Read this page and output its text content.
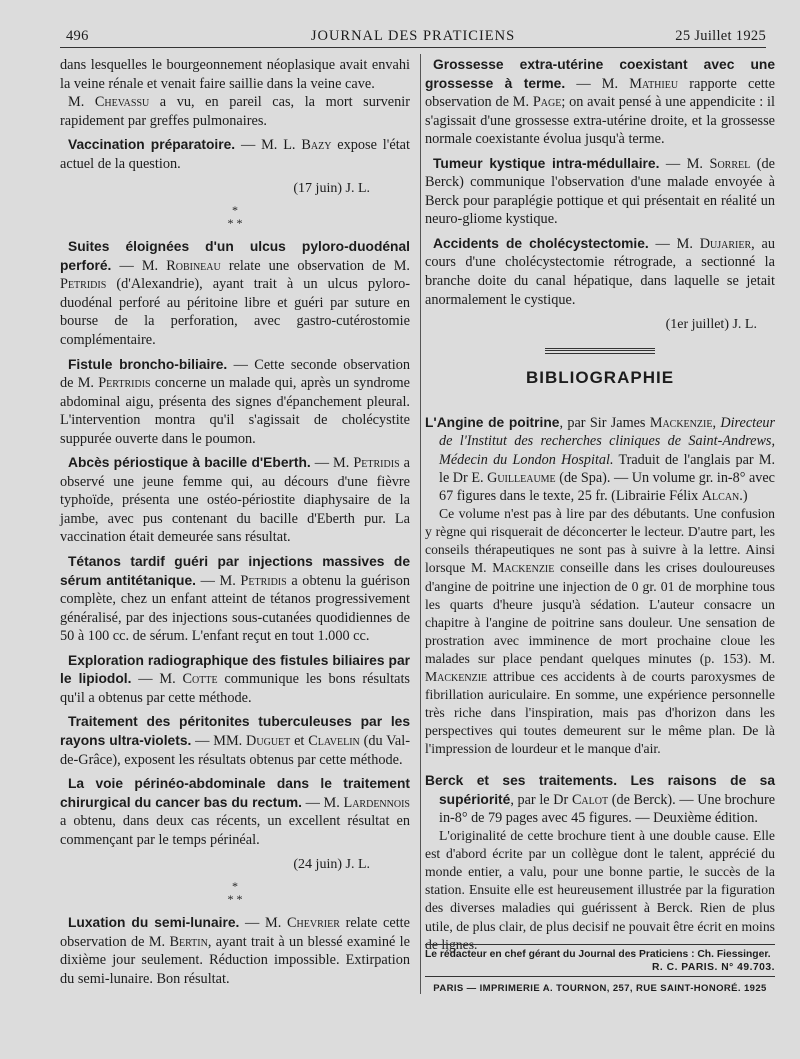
496	JOURNAL DES PRATICIENS	25 Juillet 1925

dans lesquelles le bourgeonnement néoplasique avait envahi la veine rénale et venait faire saillie dans la veine cave.

M. Chevassu a vu, en pareil cas, la mort survenir rapidement par greffes pulmonaires.

Vaccination préparatoire. — M. L. Bazy expose l'état actuel de la question.

(17 juin) J. L.
*
* *

Suites éloignées d'un ulcus pyloro-duodénal perforé. — M. Robineau relate une observation de M. Petridis (d'Alexandrie), ayant trait à un ulcus pyloro-duodénal perforé au péritoine libre et guéri par suture en bourse de la perforation, avec gastro-cutérostomie complémentaire.

Fistule broncho-biliaire. — Cette seconde observation de M. Pertridis concerne un malade qui, après un syndrome abdominal aigu, présenta des signes d'épanchement pleural. L'intervention montra qu'il s'agissait de cholécystite suppurée ouverte dans le poumon.

Abcès périostique à bacille d'Eberth. — M. Petridis a observé une jeune femme qui, au décours d'une fièvre typhoïde, présenta une ostéo-périostite diaphysaire de la jambe, avec pus contenant du bacille d'Eberth pur. La vaccination était demeurée sans résultat.

Tétanos tardif guéri par injections massives de sérum antitétanique. — M. Petridis a obtenu la guérison complète, chez un enfant atteint de tétanos progressivement généralisé, par des injections sous-cutanées quodidiennes de 50 à 100 cc. de sérum. L'enfant reçut en tout 1.000 cc.

Exploration radiographique des fistules biliaires par le lipiodol. — M. Cotte communique les bons résultats qu'il a obtenus par cette méthode.

Traitement des péritonites tuberculeuses par les rayons ultra-violets. — MM. Duguet et Clavelin (du Val-de-Grâce), exposent les résultats obtenus par cette méthode.

La voie périnéo-abdominale dans le traitement chirurgical du cancer bas du rectum. — M. Lardennois a obtenu, dans deux cas récents, un excellent résultat en commençant par le temps périnéal.

(24 juin) J. L.
*
* *

Luxation du semi-lunaire. — M. Chevrier relate cette observation de M. Bertin, ayant trait à un blessé examiné le dixième jour seulement. Réduction impossible. Extirpation du semi-lunaire. Bon résultat.

Grossesse extra-utérine coexistant avec une grossesse à terme. — M. Mathieu rapporte cette observation de M. Page; on avait pensé à une appendicite : il s'agissait d'une grossesse extra-utérine droite, et la grossesse normale coexistante évolua jusqu'à terme.

Tumeur kystique intra-médullaire. — M. Sorrel (de Berck) communique l'observation d'une malade envoyée à Berck pour paraplégie pottique et qui présentait en réalité un neuro-gliome kystique.

Accidents de cholécystectomie. — M. Dujarier, au cours d'une cholécystectomie rétrograde, a sectionné la branche doite du canal hépatique, dans laquelle se jetait anormalement le cystique.

(1er juillet) J. L.
BIBLIOGRAPHIE
L'Angine de poitrine, par Sir James Mackenzie, Directeur de l'Institut des recherches cliniques de Saint-Andrews, Médecin du London Hospital. Traduit de l'anglais par M. le Dr E. Guilleaume (de Spa). — Un volume gr. in-8° avec 67 figures dans le texte, 25 fr. (Librairie Félix Alcan.)
Ce volume n'est pas à lire par des débutants. Une confusion y règne qui risquerait de déconcerter le lecteur. D'autre part, les conseils thérapeutiques ne sont pas à suivre à la lettre. Ainsi lorsque M. Mackenzie conseille dans les crises douloureuses d'angine de poitrine une injection de 0 gr. 01 de morphine tous les quarts d'heure jusqu'à sédation. L'auteur consacre un chapitre à l'angine de poitrine sans douleur. Une sensation de prostration avec imminence de mort prochaine cloue les malades sur place pendant quelques minutes (p. 153). M. Mackenzie attribue ces accidents à de courts paroxysmes de fibrillation auriculaire. En somme, une expérience personnelle très riche dans l'inspiration, mais pas d'horizon dans les perspectives qui toutes demeurent sur le même plan. De là l'impression de lourdeur et le manque d'air.
Berck et ses traitements. Les raisons de sa supériorité, par le Dr Calot (de Berck). — Une brochure in-8° de 79 pages avec 45 figures. — Deuxième édition.
L'originalité de cette brochure tient à une double cause. Elle est d'abord écrite par un collègue dont le talent, apprécié du monde entier, a valu, pour une bonne partie, le succès de la station. Ensuite elle est heureusement illustrée par la figuration des diverses maladies qui guérissent à Berck. Rien de plus utile, de plus clair, de plus decisif ne pouvait être écrit en moins de lignes.
Le rédacteur en chef gérant du Journal des Praticiens : Ch. Fiessinger.
R. C. PARIS. N° 49.703.
PARIS — IMPRIMERIE A. TOURNON, 257, RUE SAINT-HONORÉ. 1925
